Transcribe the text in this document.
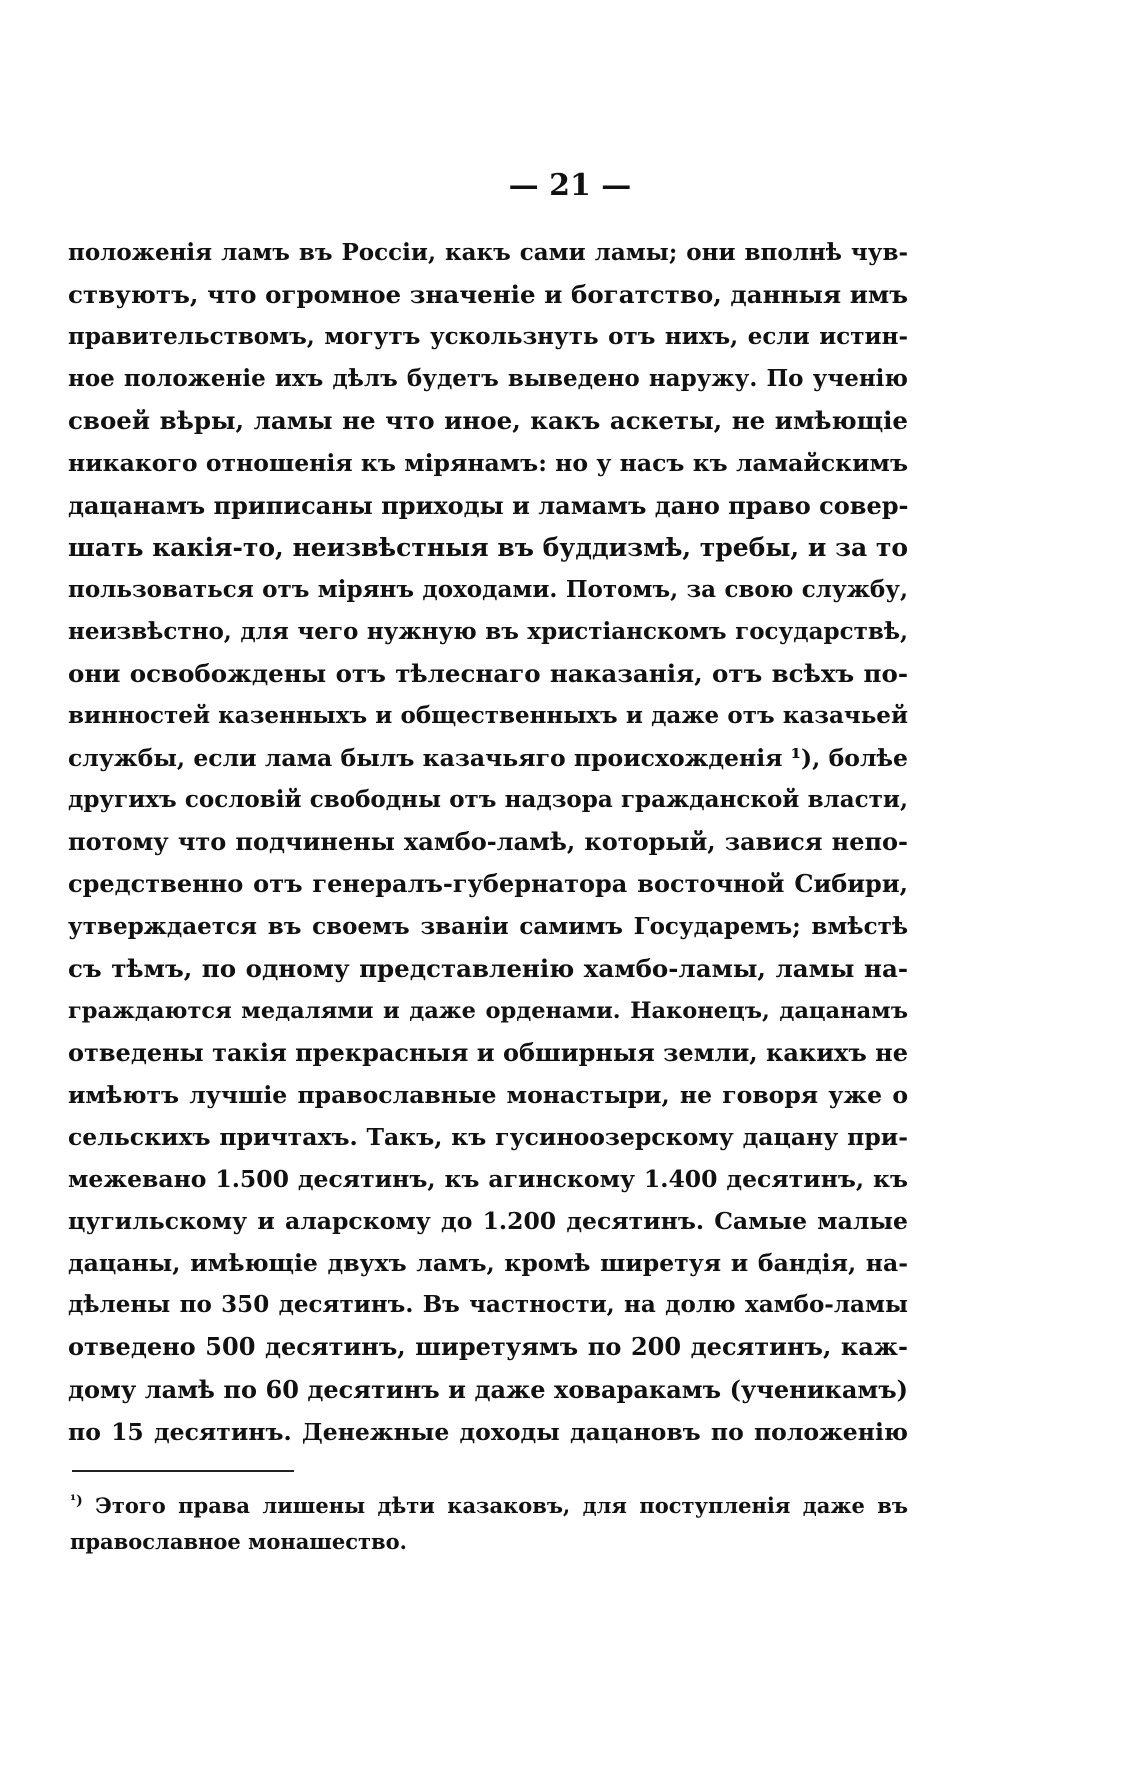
— 21 —
положенія ламъ въ Россіи, какъ сами ламы; они вполнѣ чув-
ствуютъ, что огромное значеніе и богатство, данныя имъ
правительствомъ, могутъ ускользнуть отъ нихъ, если истин-
ное положеніе ихъ дѣлъ будетъ выведено наружу. По ученію
своей вѣры, ламы не что иное, какъ аскеты, не имѣющіе
никакого отношенія къ мірянамъ: но у насъ къ ламайскимъ
дацанамъ приписаны приходы и ламамъ дано право совер-
шать какія-то, неизвѣстныя въ буддизмѣ, требы, и за то
пользоваться отъ мірянъ доходами. Потомъ, за свою службу,
неизвѣстно, для чего нужную въ христіанскомъ государствѣ,
они освобождены отъ тѣлеснаго наказанія, отъ всѣхъ по-
винностей казенныхъ и общественныхъ и даже отъ казачьей
службы, если лама былъ казачьяго происхожденія ¹), болѣе
другихъ сословій свободны отъ надзора гражданской власти,
потому что подчинены хамбо-ламѣ, который, завися непо-
средственно отъ генералъ-губернатора восточной Сибири,
утверждается въ своемъ званіи самимъ Государемъ; вмѣстѣ
съ тѣмъ, по одному представленію хамбо-ламы, ламы на-
граждаются медалями и даже орденами. Наконецъ, дацанамъ
отведены такія прекрасныя и обширныя земли, какихъ не
имѣютъ лучшіе православные монастыри, не говоря уже о
сельскихъ причтахъ. Такъ, къ гусиноозерскому дацану при-
межевано 1.500 десятинъ, къ агинскому 1.400 десятинъ, къ
цугильскому и аларскому до 1.200 десятинъ. Самые малые
дацаны, имѣющіе двухъ ламъ, кромѣ ширетуя и бандія, на-
дѣлены по 350 десятинъ. Въ частности, на долю хамбо-ламы
отведено 500 десятинъ, ширетуямъ по 200 десятинъ, каж-
дому ламѣ по 60 десятинъ и даже ховаракамъ (ученикамъ)
по 15 десятинъ. Денежные доходы дацановъ по положенію
$^{^1)}$ Этого права лишены дѣти казаковъ, для поступленія даже въ
православное монашество.
